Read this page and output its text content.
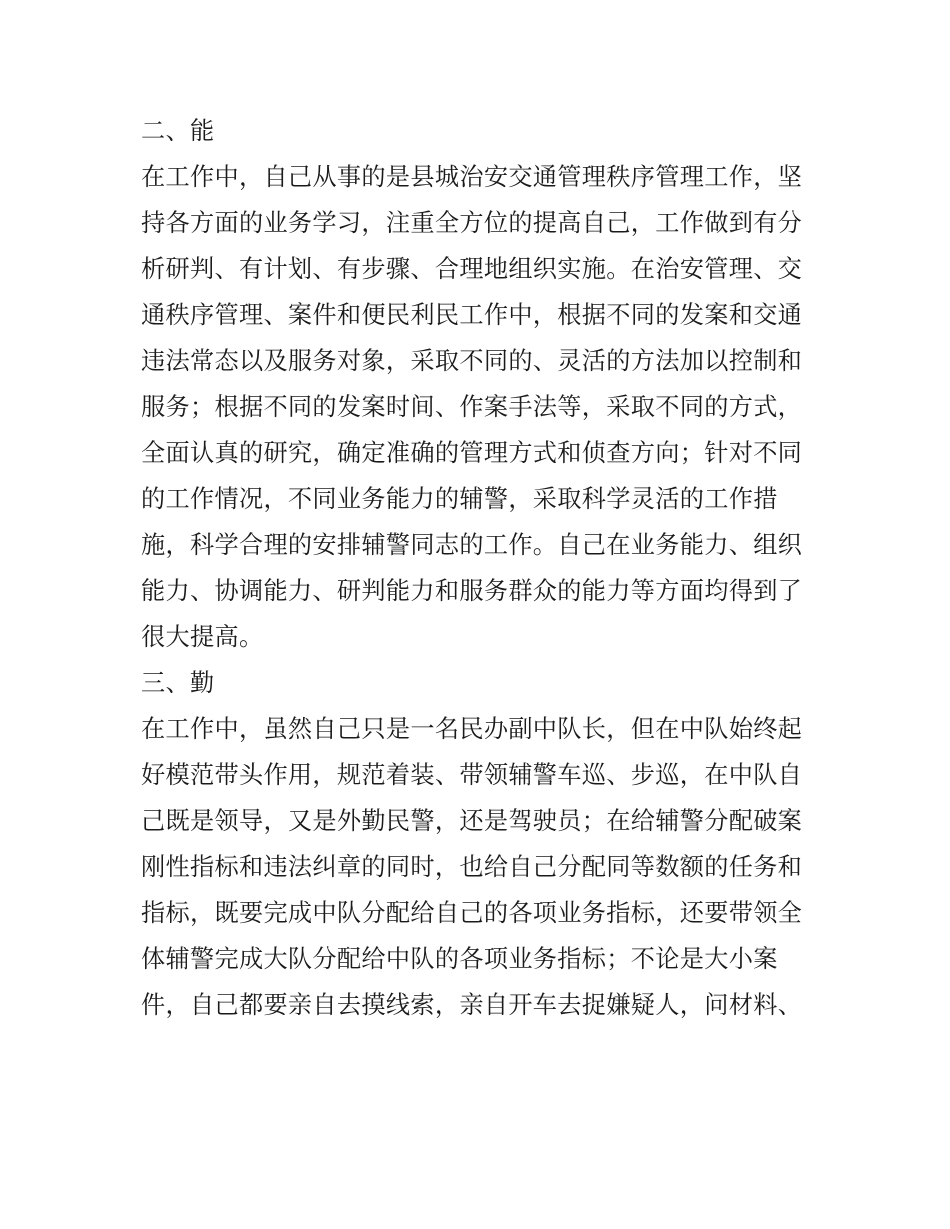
二、能
在工作中，自己从事的是县城治安交通管理秩序管理工作，坚
持各方面的业务学习，注重全方位的提高自己，工作做到有分
析研判、有计划、有步骤、合理地组织实施。在治安管理、交
通秩序管理、案件和便民利民工作中，根据不同的发案和交通
违法常态以及服务对象，采取不同的、灵活的方法加以控制和
服务；根据不同的发案时间、作案手法等，采取不同的方式，
全面认真的研究，确定准确的管理方式和侦查方向；针对不同
的工作情况，不同业务能力的辅警，采取科学灵活的工作措
施，科学合理的安排辅警同志的工作。自己在业务能力、组织
能力、协调能力、研判能力和服务群众的能力等方面均得到了
很大提高。
三、勤
在工作中，虽然自己只是一名民办副中队长，但在中队始终起
好模范带头作用，规范着装、带领辅警车巡、步巡，在中队自
己既是领导，又是外勤民警，还是驾驶员；在给辅警分配破案
刚性指标和违法纠章的同时，也给自己分配同等数额的任务和
指标，既要完成中队分配给自己的各项业务指标，还要带领全
体辅警完成大队分配给中队的各项业务指标；不论是大小案
件，自己都要亲自去摸线索，亲自开车去捉嫌疑人，问材料、
